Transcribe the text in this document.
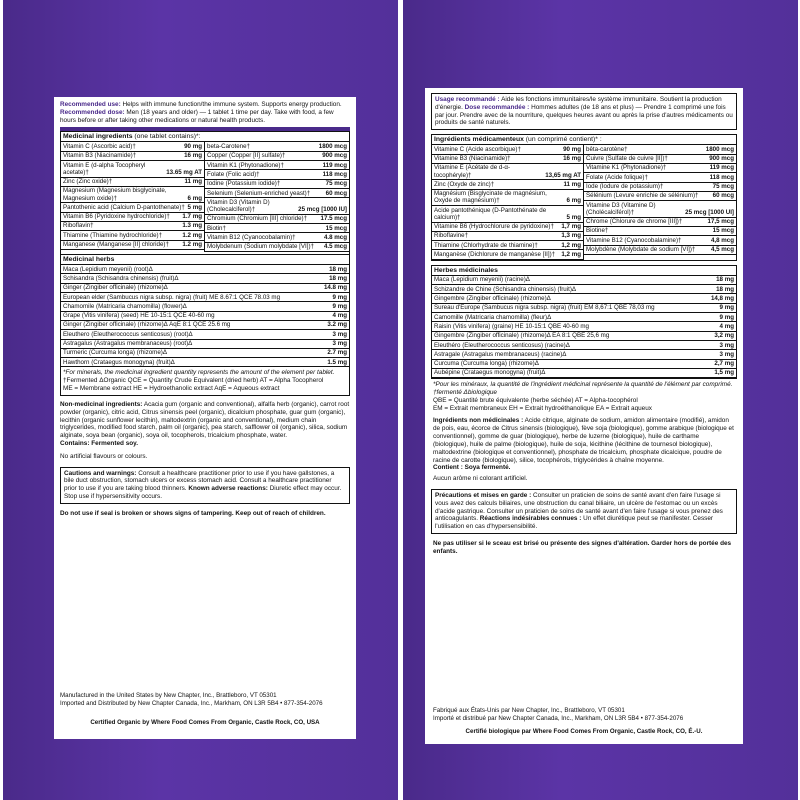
Recommended use: Helps with immune function/the immune system. Supports energy production. Recommended dose: Men (18 years and older) — 1 tablet 1 time per day. Take with food, a few hours before or after taking other medications or natural health products.

Medicinal ingredients (one tablet contains)*:
Vitamin C (Ascorbic acid)†	90 mg
Vitamin B3 (Niacinamide)†	16 mg
Vitamin E (d-alpha Tocopheryl acetate)†	13.65 mg AT
Zinc (Zinc oxide)†	11 mg
Magnesium (Magnesium bisglycinate, Magnesium oxide)†	6 mg
Pantothenic acid (Calcium D-pantothenate)† 5 mg
Vitamin B6 (Pyridoxine hydrochloride)†	1.7 mg
Riboflavin†	1.3 mg
Thiamine (Thiamine hydrochloride)†	1.2 mg
Manganese (Manganese [II] chloride)†	1.2 mg
beta-Carotene†	1800 mcg
Copper (Copper [II] sulfate)†	900 mcg
Vitamin K1 (Phytonadione)†	119 mcg
Folate (Folic acid)†	118 mcg
Iodine (Potassium iodide)†	75 mcg
Selenium (Selenium-enriched yeast)†	60 mcg
Vitamin D3 (Vitamin D) (Cholecalciferol)†	25 mcg [1000 IU]
Chromium (Chromium [III] chloride)†	17.5 mcg
Biotin†	15 mcg
Vitamin B12 (Cyanocobalamin)†	4.8 mcg
Molybdenum (Sodium molybdate [VI])†	4.5 mcg
Medicinal herbs
Maca (Lepidium meyenii) (root)Δ	18 mg
Schisandra (Schisandra chinensis) (fruit)Δ	18 mg
Ginger (Zingiber officinale) (rhizome)Δ	14.8 mg
European elder (Sambucus nigra subsp. nigra) (fruit) ME 8.67:1 QCE 78.03 mg	9 mg
Chamomile (Matricaria chamomilla) (flower)Δ	9 mg
Grape (Vitis vinifera) (seed) HE 10-15:1 QCE 40-60 mg	4 mg
Ginger (Zingiber officinale) (rhizome)Δ AqE 8:1 QCE 25.6 mg	3.2 mg
Eleuthero (Eleutherococcus senticosus) (root)Δ	3 mg
Astragalus (Astragalus membranaceus) (root)Δ	3 mg
Turmeric (Curcuma longa) (rhizome)Δ	2.7 mg
Hawthorn (Crataegus monogyna) (fruit)Δ	1.5 mg

*For minerals, the medicinal ingredient quantity represents the amount of the element per tablet.

†Fermented ΔOrganic QCE = Quantity Crude Equivalent (dried herb) AT = Alpha Tocopherol

ME = Membrane extract HE = Hydroethanolic extract AqE = Aqueous extract

Non-medicinal ingredients: Acacia gum (organic and conventional), alfalfa herb (organic), carrot root powder (organic), citric acid, Citrus sinensis peel (organic), dicalcium phosphate, guar gum (organic), lecithin (organic sunflower lecithin), maltodextrin (organic and conventional), medium chain triglycerides, modified food starch, palm oil (organic), pea starch, safflower oil (organic), silica, sodium alginate, soya bean (organic), soya oil, tocopherols, tricalcium phosphate, water.

Contains: Fermented soy.

No artificial flavours or colours.

Cautions and warnings: Consult a healthcare practitioner prior to use if you have gallstones, a bile duct obstruction, stomach ulcers or excess stomach acid. Consult a healthcare practitioner prior to use if you are taking blood thinners. Known adverse reactions: Diuretic effect may occur. Stop use if hypersensitivity occurs.

Do not use if seal is broken or shows signs of tampering. Keep out of reach of children.

Manufactured in the United States by New Chapter, Inc., Brattleboro, VT 05301

Imported and Distributed by New Chapter Canada, Inc., Markham, ON L3R 5B4 • 877-354-2076

Certified Organic by Where Food Comes From Organic, Castle Rock, CO, USA

Usage recommandé : Aide les fonctions immunitaires/le système immunitaire. Soutient la production d'énergie. Dose recommandée : Hommes adultes (de 18 ans et plus) — Prendre 1 comprimé une fois par jour. Prendre avec de la nourriture, quelques heures avant ou après la prise d'autres médicaments ou produits de santé naturels.

Ingrédients médicamenteux (un comprimé contient)* :
Vitamine C (Acide ascorbique)†	90 mg
Vitamine B3 (Niacinamide)†	16 mg
Vitamine E (Acétate de d-α-tocophéryle)†	13,65 mg AT
Zinc (Oxyde de zinc)†	11 mg
Magnésium (Bisglycinate de magnésium, Oxyde de magnésium)†	6 mg
Acide pantothénique (D-Pantothénate de calcium)†	5 mg
Vitamine B6 (Hydrochlorure de pyridoxine)†	1,7 mg
Riboflavine†	1,3 mg
Thiamine (Chlorhydrate de thiamine)†	1,2 mg
Manganèse (Dichlorure de manganèse [II])†	1,2 mg
bêta-carotène†	1800 mcg
Cuivre (Sulfate de cuivre [II])†	900 mcg
Vitamine K1 (Phytonadione)†	119 mcg
Folate (Acide folique)†	118 mcg
Iode (Iodure de potassium)†	75 mcg
Sélénium (Levure enrichie de sélénium)†	60 mcg
Vitamine D3 (Vitamine D) (Cholécalciférol)†	25 mcg [1000 UI]
Chrome (Chlorure de chrome [III])†	17,5 mcg
Biotine†	15 mcg
Vitamine B12 (Cyanocobalamine)†	4,8 mcg
Molybdène (Molybdate de sodium [VI])†	4,5 mcg
Herbes médicinales
Maca (Lepidium meyenii) (racine)Δ	18 mg
Schizandre de Chine (Schisandra chinensis) (fruit)Δ	18 mg
Gingembre (Zingiber officinale) (rhizome)Δ	14,8 mg
Sureau d'Europe (Sambucus nigra subsp. nigra) (fruit) EM 8,67:1 QBE 78,03 mg	9 mg
Camomille (Matricaria chamomilla) (fleur)Δ	9 mg
Raisin (Vitis vinifera) (graine) HE 10-15:1 QBE 40-60 mg	4 mg
Gingembre (Zingiber officinale) (rhizome)Δ EA 8:1 QBE 25,6 mg	3,2 mg
Eleuthéro (Eleutherococcus senticosus) (racine)Δ	3 mg
Astragale (Astragalus membranaceus) (racine)Δ	3 mg
Curcuma (Curcuma longa) (rhizome)Δ	2,7 mg
Aubépine (Crataegus monogyna) (fruit)Δ	1,5 mg

*Pour les minéraux, la quantité de l'ingrédient médicinal représente la quantité de l'élément par comprimé. †fermenté Δbiologique

QBE = Quantité brute équivalente (herbe séchée) AT = Alpha-tocophérol

EM = Extrait membraneux EH = Extrait hydroéthanolique EA = Extrait aqueux

Ingrédients non médicinales : Acide citrique, alginate de sodium, amidon alimentaire (modifié), amidon de pois, eau, écorce de Citrus sinensis (biologique), fève soja (biologique), gomme arabique (biologique et conventionnel), gomme de guar (biologique), herbe de luzerne (biologique), huile de carthame (biologique), huile de palme (biologique), huile de soja, lécithine (lécithine de tournesol biologique), maltodextrine (biologique et conventionnel), phosphate de tricalcium, phosphate dicalcique, poudre de racine de carotte (biologique), silice, tocophérols, triglycérides à chaîne moyenne.

Contient : Soya fermenté.

Aucun arôme ni colorant artificiel.

Précautions et mises en garde : Consulter un praticien de soins de santé avant d'en faire l'usage si vous avez des calculs biliaires, une obstruction du canal biliaire, un ulcère de l'estomac ou un excès d'acide gastrique. Consulter un praticien de soins de santé avant d'en faire l'usage si vous prenez des anticoagulants. Réactions indésirables connues : Un effet diurétique peut se manifester. Cesser l'utilisation en cas d'hypersensibilité.

Ne pas utiliser si le sceau est brisé ou présente des signes d'altération. Garder hors de portée des enfants.

Fabriqué aux États-Unis par New Chapter, Inc., Brattleboro, VT 05301

Importé et distribué par New Chapter Canada, Inc., Markham, ON L3R 5B4 • 877-354-2076

Certifié biologique par Where Food Comes From Organic, Castle Rock, CO, É.-U.
